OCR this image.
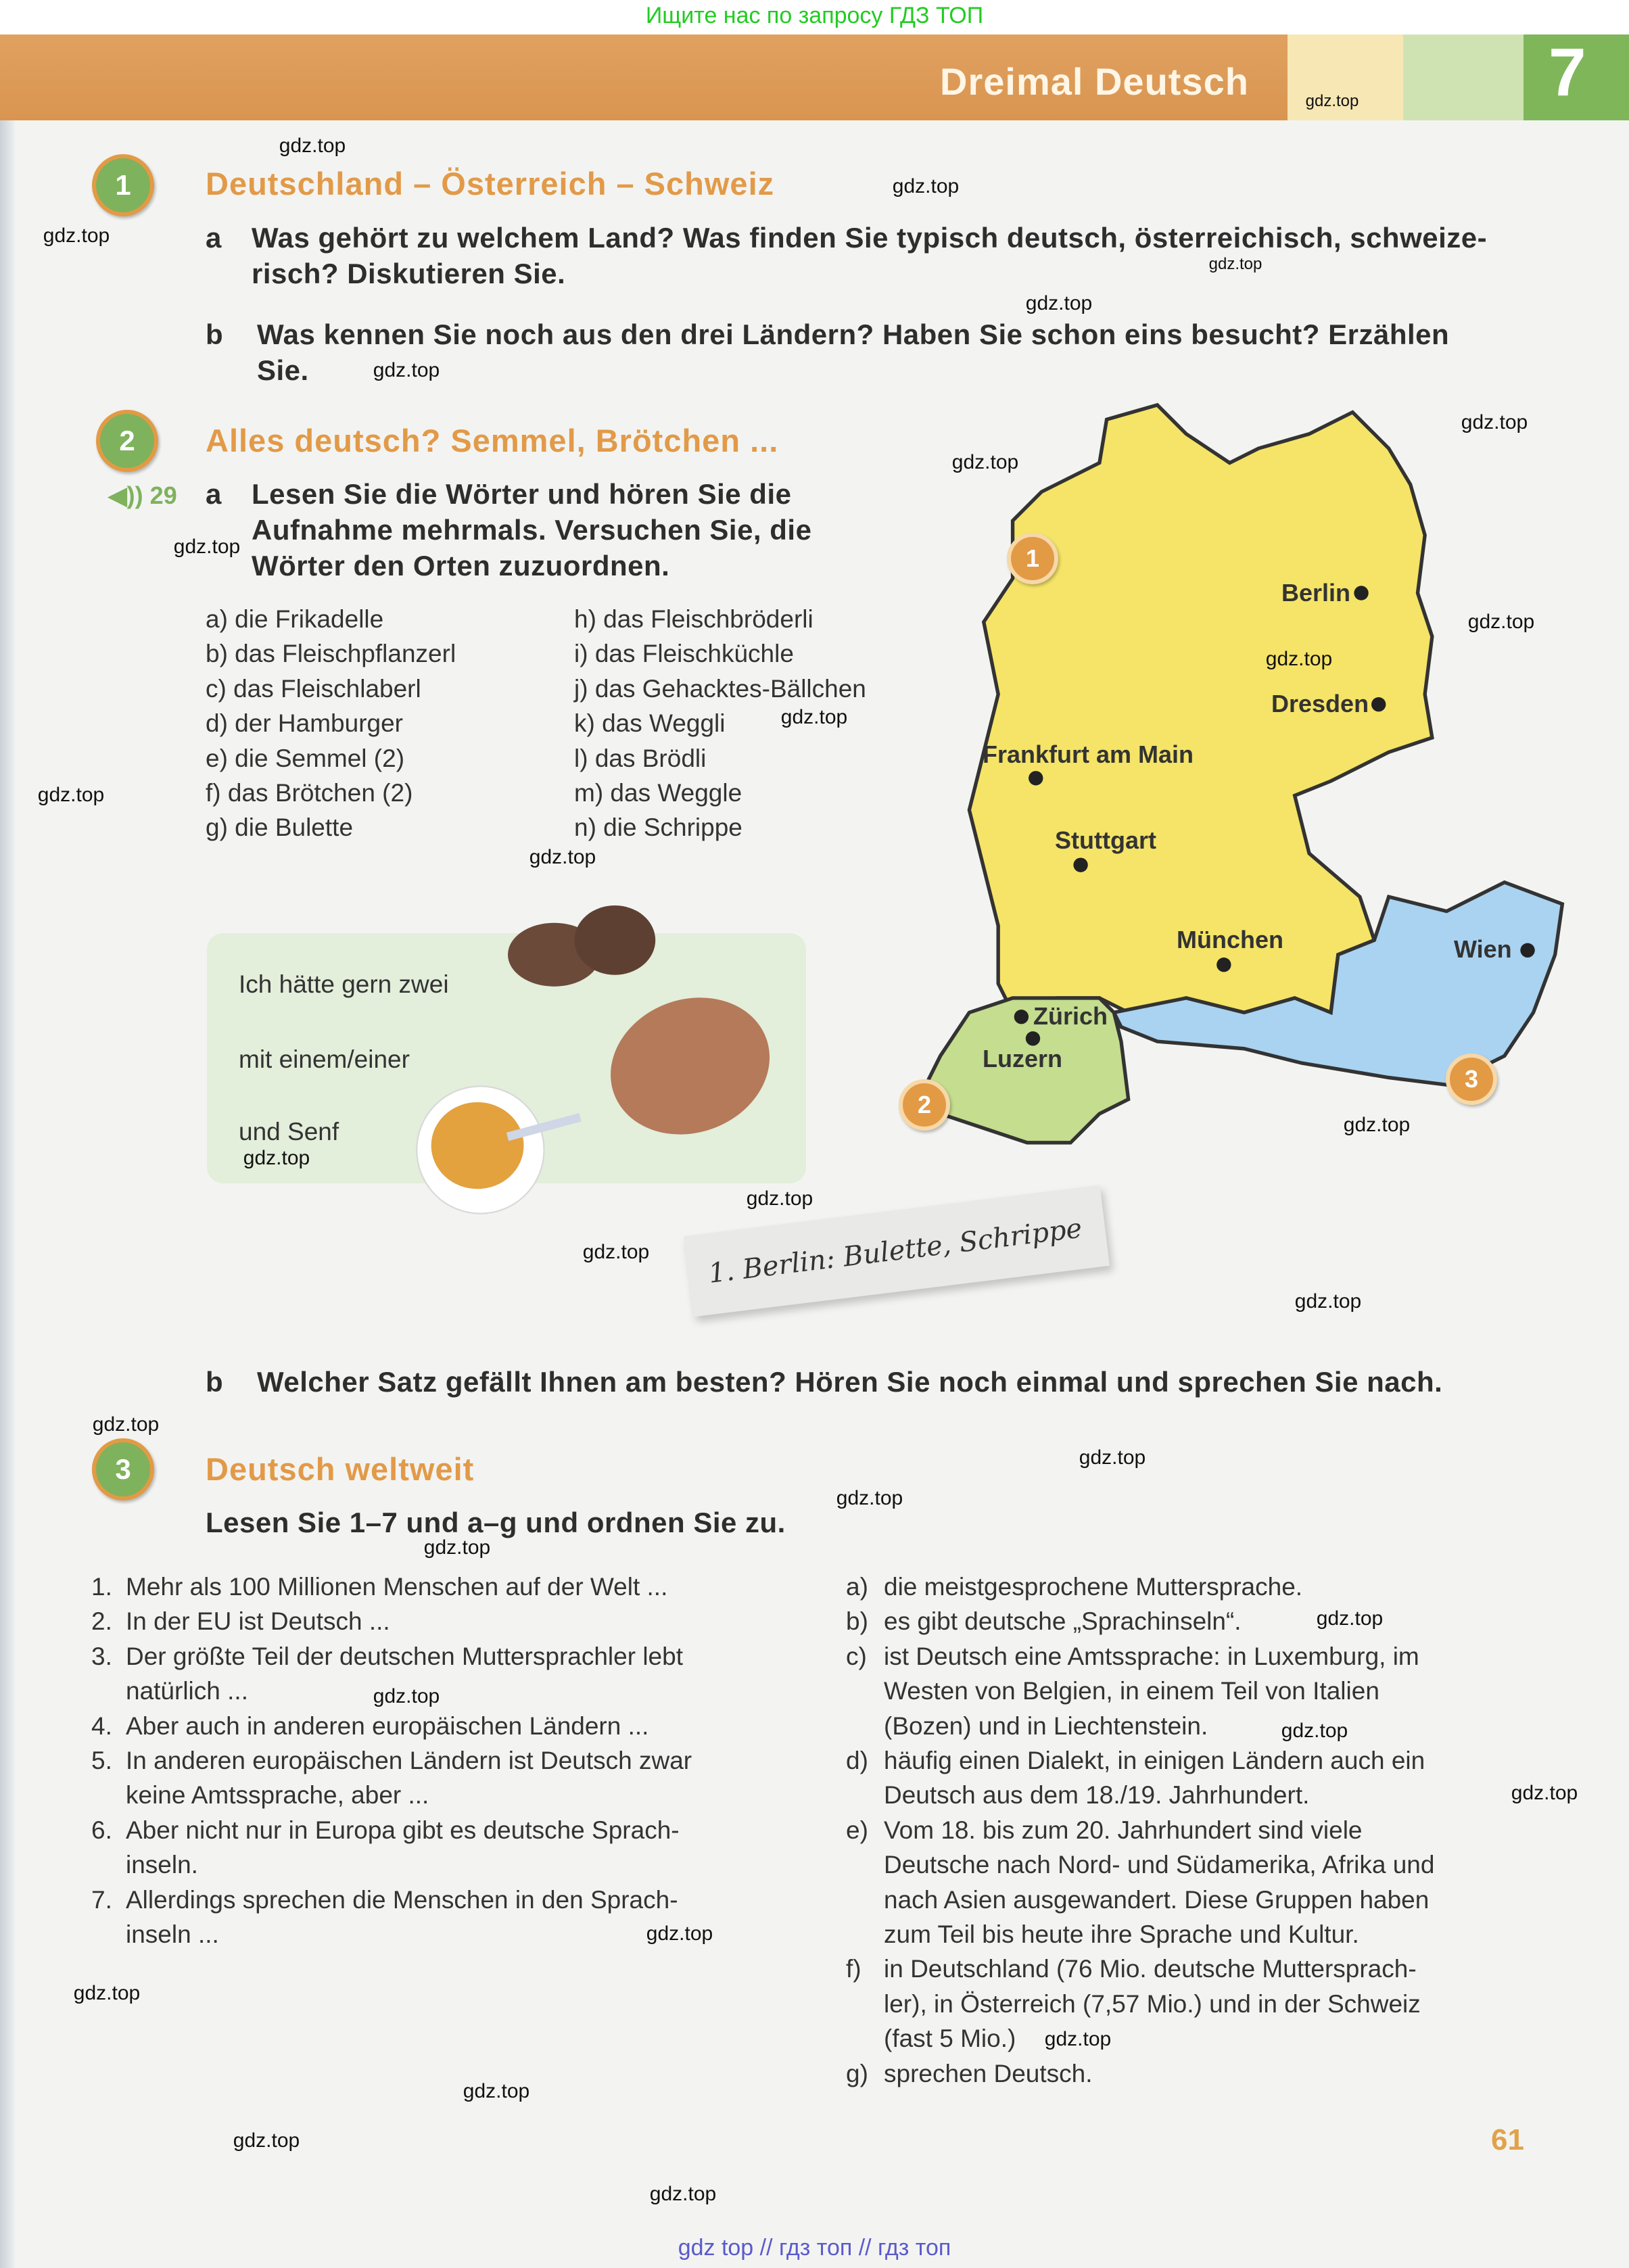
Ищите нас по запросу ГДЗ ТОП
Dreimal Deutsch	7
1	Deutschland – Österreich – Schweiz
a Was gehört zu welchem Land? Was finden Sie typisch deutsch, österreichisch, schweize-
risch? Diskutieren Sie.
b Was kennen Sie noch aus den drei Ländern? Haben Sie schon eins besucht? Erzählen
Sie.
2	Alles deutsch? Semmel, Brötchen ...
◀)) 29 a Lesen Sie die Wörter und hören Sie die
Aufnahme mehrmals. Versuchen Sie, die
Wörter den Orten zuzuordnen.
a) die Frikadelle
b) das Fleischpflanzerl
c) das Fleischlaberl
d) der Hamburger
e) die Semmel (2)
f) das Brötchen (2)
g) die Bulette
h) das Fleischbröderli
i) das Fleischküchle
j) das Gehacktes-Bällchen
k) das Weggli
l) das Brödli
m) das Weggle
n) die Schrippe
Ich hätte gern zwei
mit einem/einer
und Senf
Berlin
Dresden
Frankfurt am Main
Stuttgart
München	Wien
Zürich
Luzern
1
2
3
1. Berlin: Bulette, Schrippe
b Welcher Satz gefällt Ihnen am besten? Hören Sie noch einmal und sprechen Sie nach.
3	Deutsch weltweit
Lesen Sie 1–7 und a–g und ordnen Sie zu.
1. Mehr als 100 Millionen Menschen auf der Welt ...
2. In der EU ist Deutsch ...
3. Der größte Teil der deutschen Muttersprachler lebt
natürlich ...
4. Aber auch in anderen europäischen Ländern ...
5. In anderen europäischen Ländern ist Deutsch zwar
keine Amtssprache, aber ...
6. Aber nicht nur in Europa gibt es deutsche Sprach-
inseln.
7. Allerdings sprechen die Menschen in den Sprach-
inseln ...
a) die meistgesprochene Muttersprache.
b) es gibt deutsche „Sprachinseln“.
c) ist Deutsch eine Amtssprache: in Luxemburg, im
Westen von Belgien, in einem Teil von Italien
(Bozen) und in Liechtenstein.
d) häufig einen Dialekt, in einigen Ländern auch ein
Deutsch aus dem 18./19. Jahrhundert.
e) Vom 18. bis zum 20. Jahrhundert sind viele
Deutsche nach Nord- und Südamerika, Afrika und
nach Asien ausgewandert. Diese Gruppen haben
zum Teil bis heute ihre Sprache und Kultur.
f) in Deutschland (76 Mio. deutsche Mutterspraсh-
ler), in Österreich (7,57 Mio.) und in der Schweiz
(fast 5 Mio.)
g) sprechen Deutsch.
61
gdz top // гдз топ // гдз топ
gdz.top
gdz.top
gdz.top
gdz.top
gdz.top
gdz.top
gdz.top
gdz.top
gdz.top
gdz.top
gdz.top
gdz.top
gdz.top
gdz.top
gdz.top
gdz.top
gdz.top
gdz.top
gdz.top
gdz.top
gdz.top
gdz.top
gdz.top
gdz.top
gdz.top
gdz.top
gdz.top
gdz.top
gdz.top
gdz.top
gdz.top
gdz.top
gdz.top
gdz.top
